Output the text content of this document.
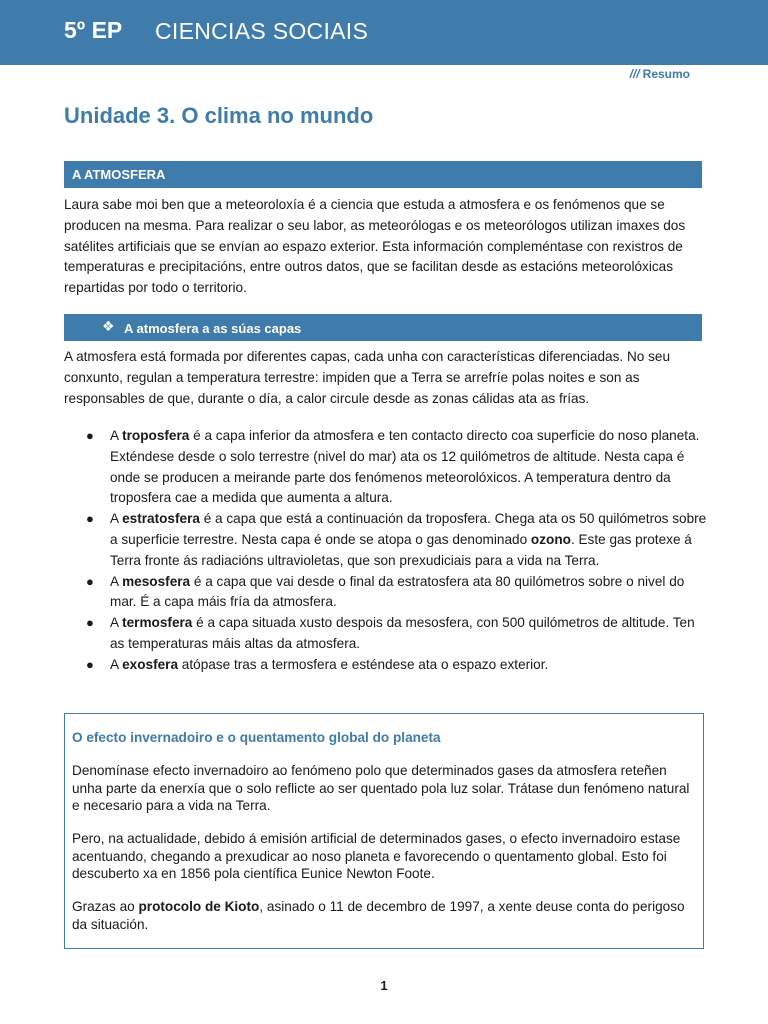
5º EP CIENCIAS SOCIAIS
/// Resumo
Unidade 3. O clima no mundo
A ATMOSFERA

Laura sabe moi ben que a meteoroloxía é a ciencia que estuda a atmosfera e os fenómenos que se producen na mesma. Para realizar o seu labor, as meteorólogas e os meteorólogos utilizan imaxes dos satélites artificiais que se envían ao espazo exterior. Esta información compleméntase con rexistros de temperaturas e precipitacións, entre outros datos, que se facilitan desde as estacións meteorolóxicas repartidas por todo o territorio.

❖ A atmosfera a as súas capas

A atmosfera está formada por diferentes capas, cada unha con características diferenciadas. No seu conxunto, regulan a temperatura terrestre: impiden que a Terra se arrefríe polas noites e son as responsables de que, durante o día, a calor circule desde as zonas cálidas ata as frías.

● A troposfera é a capa inferior da atmosfera e ten contacto directo coa superficie do noso planeta. Exténdese desde o solo terrestre (nivel do mar) ata os 12 quilómetros de altitude. Nesta capa é onde se producen a meirande parte dos fenómenos meteorolóxicos. A temperatura dentro da troposfera cae a medida que aumenta a altura.
● A estratosfera é a capa que está a continuación da troposfera. Chega ata os 50 quilómetros sobre a superficie terrestre. Nesta capa é onde se atopa o gas denominado ozono. Este gas protexe á Terra fronte ás radiacións ultravioletas, que son prexudiciais para a vida na Terra.
● A mesosfera é a capa que vai desde o final da estratosfera ata 80 quilómetros sobre o nivel do mar. É a capa máis fría da atmosfera.
● A termosfera é a capa situada xusto despois da mesosfera, con 500 quilómetros de altitude. Ten as temperaturas máis altas da atmosfera.
● A exosfera atópase tras a termosfera e esténdese ata o espazo exterior.
O efecto invernadoiro e o quentamento global do planeta

Denomínase efecto invernadoiro ao fenómeno polo que determinados gases da atmosfera reteñen unha parte da enerxía que o solo reflicte ao ser quentado pola luz solar. Trátase dun fenómeno natural e necesario para a vida na Terra.

Pero, na actualidade, debido á emisión artificial de determinados gases, o efecto invernadoiro estase acentuando, chegando a prexudicar ao noso planeta e favorecendo o quentamento global. Esto foi descuberto xa en 1856 pola científica Eunice Newton Foote.

Grazas ao protocolo de Kioto, asinado o 11 de decembro de 1997, a xente deuse conta do perigoso da situación.

1
